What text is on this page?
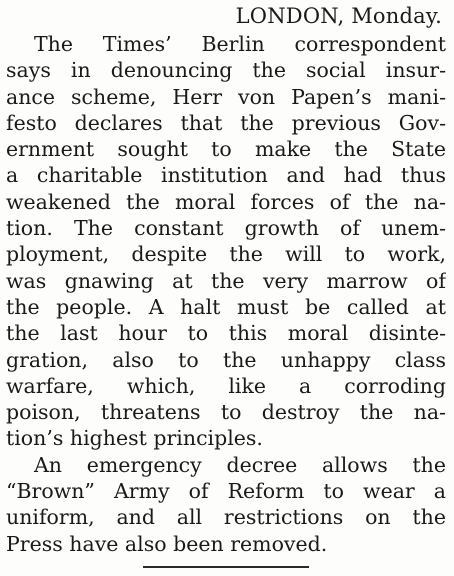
LONDON, Monday.
The Times’ Berlin correspondent
says in denouncing the social insur-
ance scheme, Herr von Papen’s mani-
festo declares that the previous Gov-
ernment sought to make the State
a charitable institution and had thus
weakened the moral forces of the na-
tion. The constant growth of unem-
ployment, despite the will to work,
was gnawing at the very marrow of
the people. A halt must be called at
the last hour to this moral disinte-
gration, also to the unhappy class
warfare, which, like a corroding
poison, threatens to destroy the na-
tion’s highest principles.
An emergency decree allows the
“Brown” Army of Reform to wear a
uniform, and all restrictions on the
Press have also been removed.
